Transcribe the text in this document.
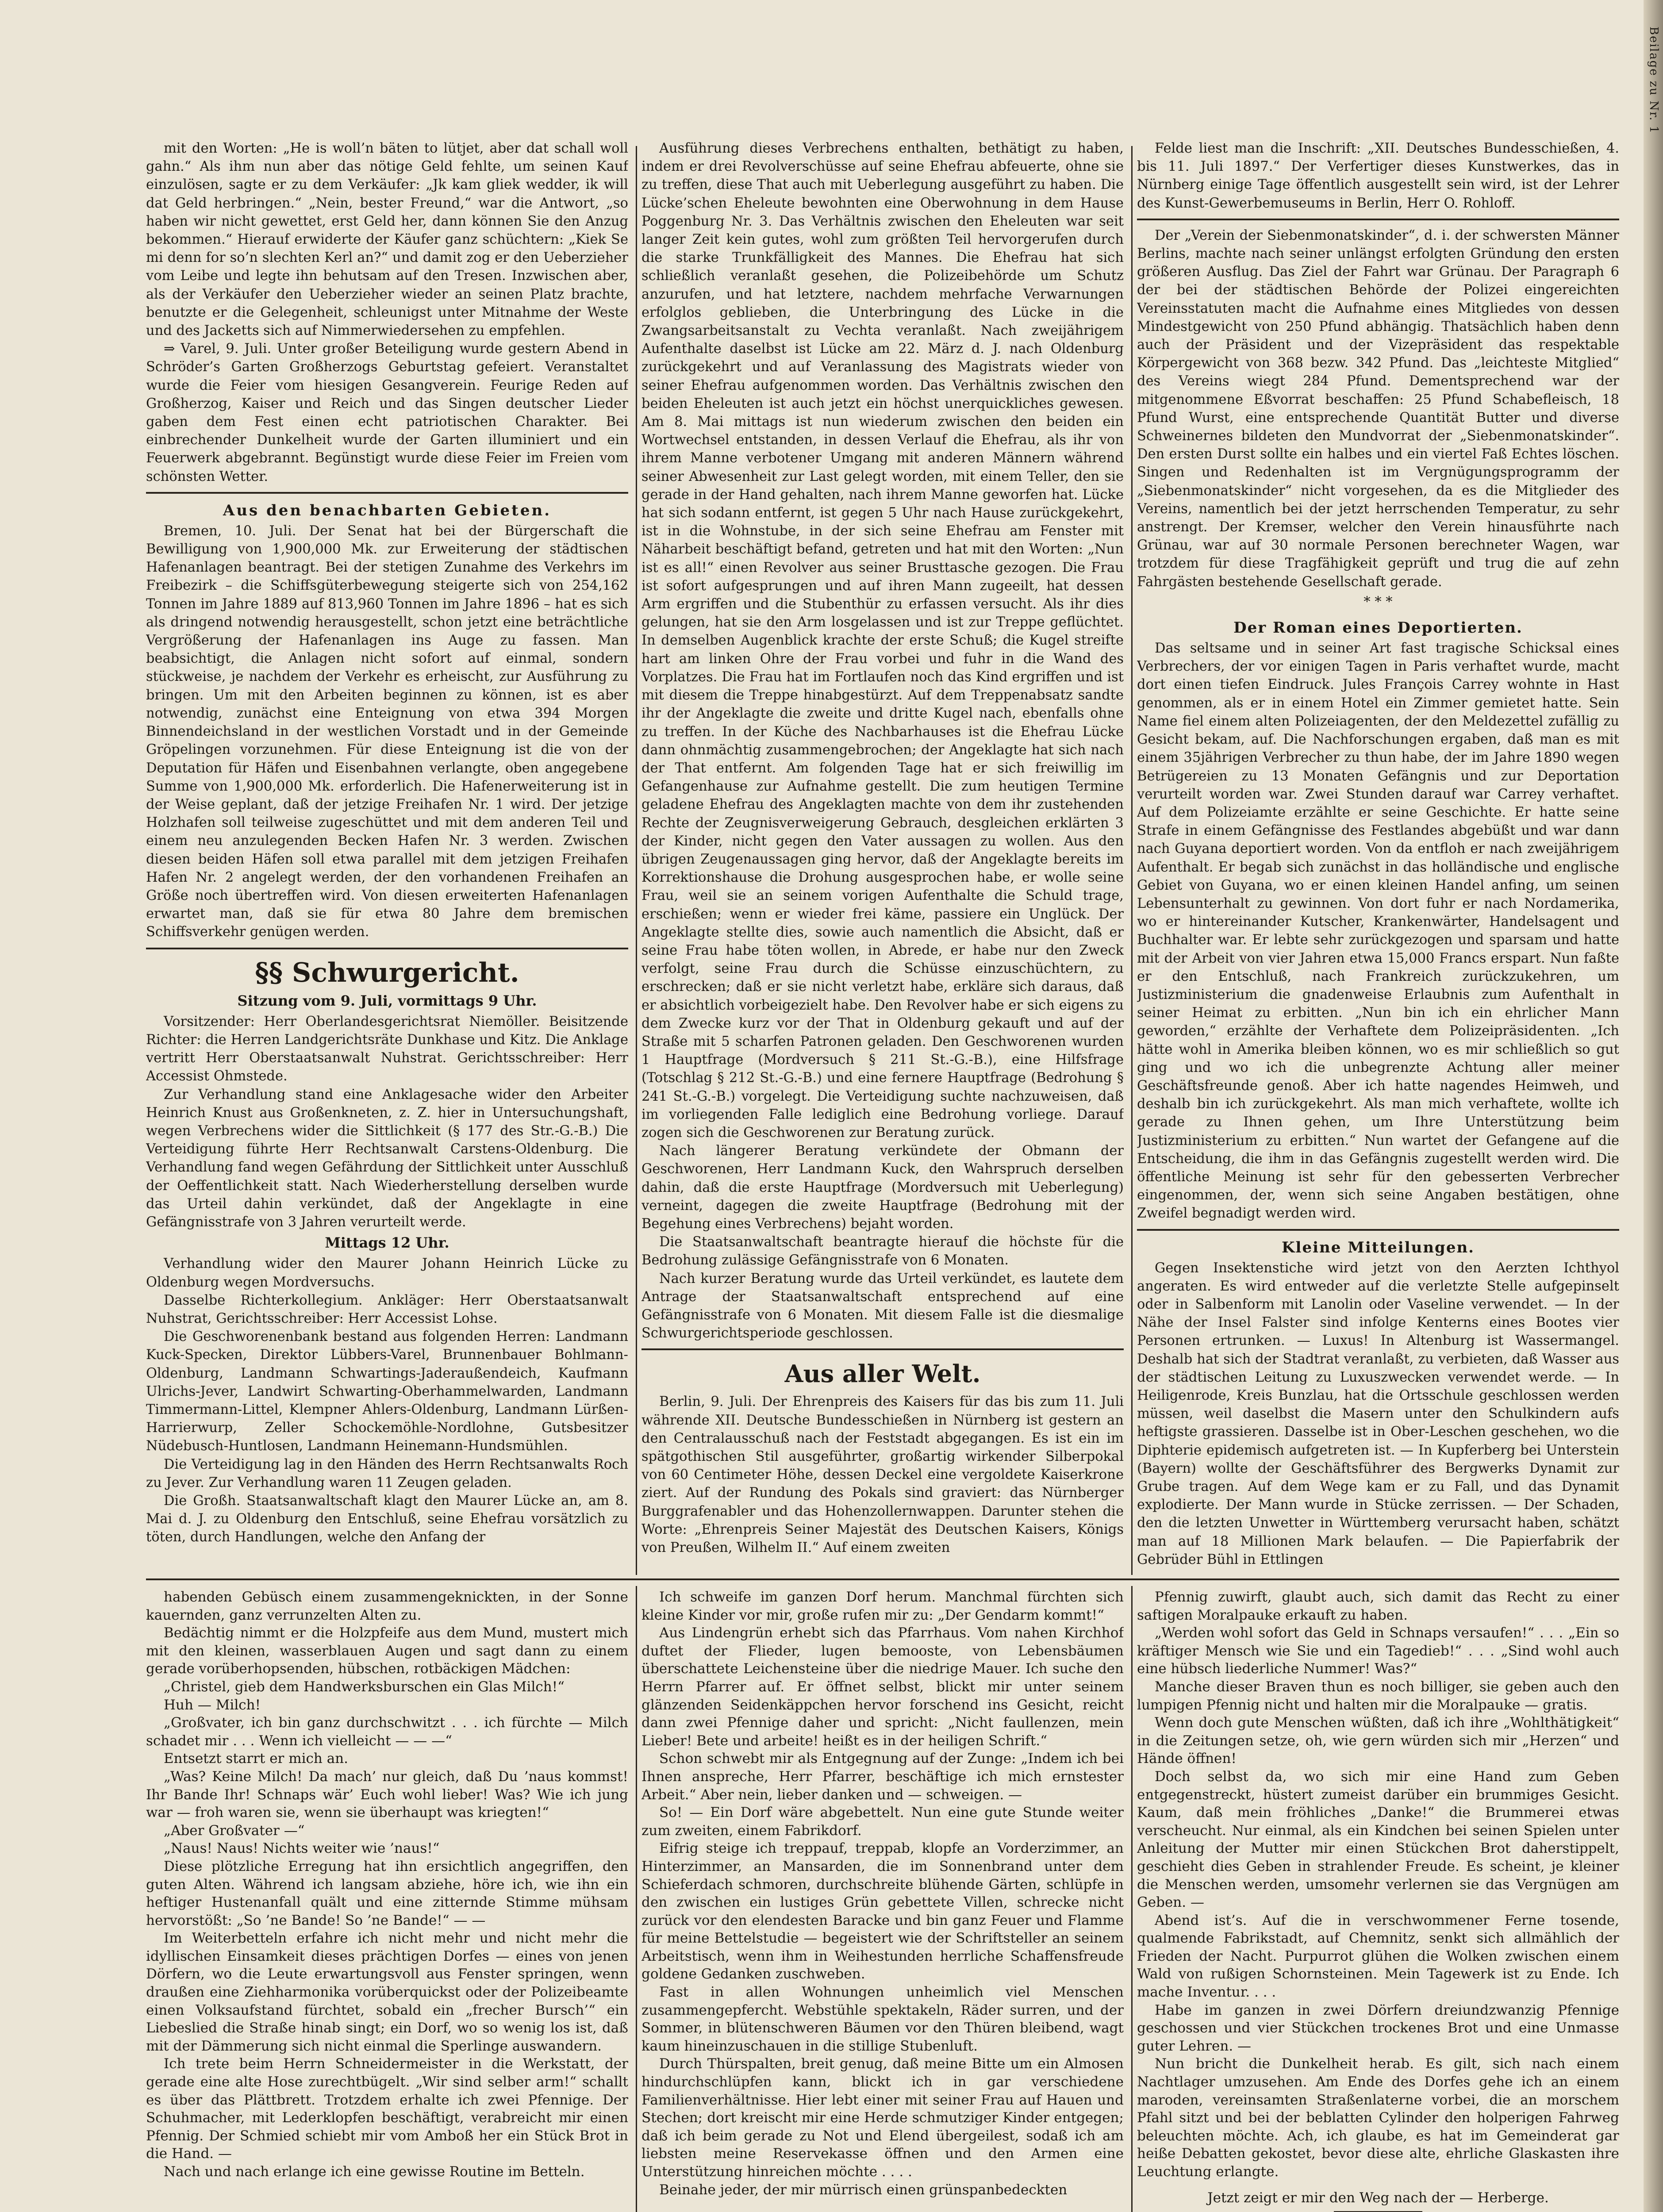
mit den Worten: „He is woll’n bäten to lütjet, aber dat schall woll gahn.“ Als ihm nun aber das nötige Geld fehlte, um seinen Kauf einzulösen, sagte er zu dem Verkäufer: „Jk kam gliek wedder, ik will dat Geld herbringen.“ „Nein, bester Freund,“ war die Antwort, „so haben wir nicht gewettet, erst Geld her, dann können Sie den Anzug bekommen.“ Hierauf erwiderte der Käufer ganz schüchtern: „Kiek Se mi denn for so’n slechten Kerl an?“ und damit zog er den Ueberzieher vom Leibe und legte ihn behutsam auf den Tresen. Inzwischen aber, als der Verkäufer den Ueberzieher wieder an seinen Platz brachte, benutzte er die Gelegenheit, schleunigst unter Mitnahme der Weste und des Jacketts sich auf Nimmerwiedersehen zu empfehlen.

⇒ Varel, 9. Juli. Unter großer Beteiligung wurde gestern Abend in Schröder’s Garten Großherzogs Geburtstag gefeiert. Veranstaltet wurde die Feier vom hiesigen Gesangverein. Feurige Reden auf Großherzog, Kaiser und Reich und das Singen deutscher Lieder gaben dem Fest einen echt patriotischen Charakter. Bei einbrechender Dunkelheit wurde der Garten illuminiert und ein Feuerwerk abgebrannt. Begünstigt wurde diese Feier im Freien vom schönsten Wetter.

Aus den benachbarten Gebieten.

Bremen, 10. Juli. Der Senat hat bei der Bürgerschaft die Bewilligung von 1,900,000 Mk. zur Erweiterung der städtischen Hafenanlagen beantragt. Bei der stetigen Zunahme des Verkehrs im Freibezirk – die Schiffsgüterbewegung steigerte sich von 254,162 Tonnen im Jahre 1889 auf 813,960 Tonnen im Jahre 1896 – hat es sich als dringend notwendig herausgestellt, schon jetzt eine beträchtliche Vergrößerung der Hafenanlagen ins Auge zu fassen. Man beabsichtigt, die Anlagen nicht sofort auf einmal, sondern stückweise, je nachdem der Verkehr es erheischt, zur Ausführung zu bringen. Um mit den Arbeiten beginnen zu können, ist es aber notwendig, zunächst eine Enteignung von etwa 394 Morgen Binnendeichsland in der westlichen Vorstadt und in der Gemeinde Gröpelingen vorzunehmen. Für diese Enteignung ist die von der Deputation für Häfen und Eisenbahnen verlangte, oben angegebene Summe von 1,900,000 Mk. erforderlich. Die Hafenerweiterung ist in der Weise geplant, daß der jetzige Freihafen Nr. 1 wird. Der jetzige Holzhafen soll teilweise zugeschüttet und mit dem anderen Teil und einem neu anzulegenden Becken Hafen Nr. 3 werden. Zwischen diesen beiden Häfen soll etwa parallel mit dem jetzigen Freihafen Hafen Nr. 2 angelegt werden, der den vorhandenen Freihafen an Größe noch übertreffen wird. Von diesen erweiterten Hafenanlagen erwartet man, daß sie für etwa 80 Jahre dem bremischen Schiffsverkehr genügen werden.

§§ Schwurgericht.
Sitzung vom 9. Juli, vormittags 9 Uhr.

Vorsitzender: Herr Oberlandesgerichtsrat Niemöller. Beisitzende Richter: die Herren Landgerichtsräte Dunkhase und Kitz. Die Anklage vertritt Herr Oberstaatsanwalt Nuhstrat. Gerichtsschreiber: Herr Accessist Ohmstede.

Zur Verhandlung stand eine Anklagesache wider den Arbeiter Heinrich Knust aus Großenkneten, z. Z. hier in Untersuchungshaft, wegen Verbrechens wider die Sittlichkeit (§ 177 des Str.-G.-B.) Die Verteidigung führte Herr Rechtsanwalt Carstens-Oldenburg. Die Verhandlung fand wegen Gefährdung der Sittlichkeit unter Ausschluß der Oeffentlichkeit statt. Nach Wiederherstellung derselben wurde das Urteil dahin verkündet, daß der Angeklagte in eine Gefängnisstrafe von 3 Jahren verurteilt werde.

Mittags 12 Uhr.

Verhandlung wider den Maurer Johann Heinrich Lücke zu Oldenburg wegen Mordversuchs.

Dasselbe Richterkollegium. Ankläger: Herr Oberstaatsanwalt Nuhstrat, Gerichtsschreiber: Herr Accessist Lohse.

Die Geschworenenbank bestand aus folgenden Herren: Landmann Kuck-Specken, Direktor Lübbers-Varel, Brunnenbauer Bohlmann-Oldenburg, Landmann Schwartings-Jaderaußendeich, Kaufmann Ulrichs-Jever, Landwirt Schwarting-Oberhammelwarden, Landmann Timmermann-Littel, Klempner Ahlers-Oldenburg, Landmann Lürßen-Harrierwurp, Zeller Schockemöhle-Nordlohne, Gutsbesitzer Nüdebusch-Huntlosen, Landmann Heinemann-Hundsmühlen.

Die Verteidigung lag in den Händen des Herrn Rechtsanwalts Roch zu Jever. Zur Verhandlung waren 11 Zeugen geladen.

Die Großh. Staatsanwaltschaft klagt den Maurer Lücke an, am 8. Mai d. J. zu Oldenburg den Entschluß, seine Ehefrau vorsätzlich zu töten, durch Handlungen, welche den Anfang der

Ausführung dieses Verbrechens enthalten, bethätigt zu haben, indem er drei Revolverschüsse auf seine Ehefrau abfeuerte, ohne sie zu treffen, diese That auch mit Ueberlegung ausgeführt zu haben. Die Lücke’schen Eheleute bewohnten eine Oberwohnung in dem Hause Poggenburg Nr. 3. Das Verhältnis zwischen den Eheleuten war seit langer Zeit kein gutes, wohl zum größten Teil hervorgerufen durch die starke Trunkfälligkeit des Mannes. Die Ehefrau hat sich schließlich veranlaßt gesehen, die Polizeibehörde um Schutz anzurufen, und hat letztere, nachdem mehrfache Verwarnungen erfolglos geblieben, die Unterbringung des Lücke in die Zwangsarbeitsanstalt zu Vechta veranlaßt. Nach zweijährigem Aufenthalte daselbst ist Lücke am 22. März d. J. nach Oldenburg zurückgekehrt und auf Veranlassung des Magistrats wieder von seiner Ehefrau aufgenommen worden. Das Verhältnis zwischen den beiden Eheleuten ist auch jetzt ein höchst unerquickliches gewesen. Am 8. Mai mittags ist nun wiederum zwischen den beiden ein Wortwechsel entstanden, in dessen Verlauf die Ehefrau, als ihr von ihrem Manne verbotener Umgang mit anderen Männern während seiner Abwesenheit zur Last gelegt worden, mit einem Teller, den sie gerade in der Hand gehalten, nach ihrem Manne geworfen hat. Lücke hat sich sodann entfernt, ist gegen 5 Uhr nach Hause zurückgekehrt, ist in die Wohnstube, in der sich seine Ehefrau am Fenster mit Näharbeit beschäftigt befand, getreten und hat mit den Worten: „Nun ist es all!“ einen Revolver aus seiner Brusttasche gezogen. Die Frau ist sofort aufgesprungen und auf ihren Mann zugeeilt, hat dessen Arm ergriffen und die Stubenthür zu erfassen versucht. Als ihr dies gelungen, hat sie den Arm losgelassen und ist zur Treppe geflüchtet. In demselben Augenblick krachte der erste Schuß; die Kugel streifte hart am linken Ohre der Frau vorbei und fuhr in die Wand des Vorplatzes. Die Frau hat im Fortlaufen noch das Kind ergriffen und ist mit diesem die Treppe hinabgestürzt. Auf dem Treppenabsatz sandte ihr der Angeklagte die zweite und dritte Kugel nach, ebenfalls ohne zu treffen. In der Küche des Nachbarhauses ist die Ehefrau Lücke dann ohnmächtig zusammengebrochen; der Angeklagte hat sich nach der That entfernt. Am folgenden Tage hat er sich freiwillig im Gefangenhause zur Aufnahme gestellt. Die zum heutigen Termine geladene Ehefrau des Angeklagten machte von dem ihr zustehenden Rechte der Zeugnisverweigerung Gebrauch, desgleichen erklärten 3 der Kinder, nicht gegen den Vater aussagen zu wollen. Aus den übrigen Zeugenaussagen ging hervor, daß der Angeklagte bereits im Korrektionshause die Drohung ausgesprochen habe, er wolle seine Frau, weil sie an seinem vorigen Aufenthalte die Schuld trage, erschießen; wenn er wieder frei käme, passiere ein Unglück. Der Angeklagte stellte dies, sowie auch namentlich die Absicht, daß er seine Frau habe töten wollen, in Abrede, er habe nur den Zweck verfolgt, seine Frau durch die Schüsse einzuschüchtern, zu erschrecken; daß er sie nicht verletzt habe, erkläre sich daraus, daß er absichtlich vorbeigezielt habe. Den Revolver habe er sich eigens zu dem Zwecke kurz vor der That in Oldenburg gekauft und auf der Straße mit 5 scharfen Patronen geladen. Den Geschworenen wurden 1 Hauptfrage (Mordversuch § 211 St.-G.-B.), eine Hilfsfrage (Totschlag § 212 St.-G.-B.) und eine fernere Hauptfrage (Bedrohung § 241 St.-G.-B.) vorgelegt. Die Verteidigung suchte nachzuweisen, daß im vorliegenden Falle lediglich eine Bedrohung vorliege. Darauf zogen sich die Geschworenen zur Beratung zurück.

Nach längerer Beratung verkündete der Obmann der Geschworenen, Herr Landmann Kuck, den Wahrspruch derselben dahin, daß die erste Hauptfrage (Mordversuch mit Ueberlegung) verneint, dagegen die zweite Hauptfrage (Bedrohung mit der Begehung eines Verbrechens) bejaht worden.

Die Staatsanwaltschaft beantragte hierauf die höchste für die Bedrohung zulässige Gefängnisstrafe von 6 Monaten.

Nach kurzer Beratung wurde das Urteil verkündet, es lautete dem Antrage der Staatsanwaltschaft entsprechend auf eine Gefängnisstrafe von 6 Monaten. Mit diesem Falle ist die diesmalige Schwurgerichtsperiode geschlossen.

Aus aller Welt.

Berlin, 9. Juli. Der Ehrenpreis des Kaisers für das bis zum 11. Juli währende XII. Deutsche Bundesschießen in Nürnberg ist gestern an den Centralausschuß nach der Feststadt abgegangen. Es ist ein im spätgothischen Stil ausgeführter, großartig wirkender Silberpokal von 60 Centimeter Höhe, dessen Deckel eine vergoldete Kaiserkrone ziert. Auf der Rundung des Pokals sind graviert: das Nürnberger Burggrafenabler und das Hohenzollernwappen. Darunter stehen die Worte: „Ehrenpreis Seiner Majestät des Deutschen Kaisers, Königs von Preußen, Wilhelm II.“ Auf einem zweiten

Felde liest man die Inschrift: „XII. Deutsches Bundesschießen, 4. bis 11. Juli 1897.“ Der Verfertiger dieses Kunstwerkes, das in Nürnberg einige Tage öffentlich ausgestellt sein wird, ist der Lehrer des Kunst-Gewerbemuseums in Berlin, Herr O. Rohloff.

Der „Verein der Siebenmonatskinder“, d. i. der schwersten Männer Berlins, machte nach seiner unlängst erfolgten Gründung den ersten größeren Ausflug. Das Ziel der Fahrt war Grünau. Der Paragraph 6 der bei der städtischen Behörde der Polizei eingereichten Vereinsstatuten macht die Aufnahme eines Mitgliedes von dessen Mindestgewicht von 250 Pfund abhängig. Thatsächlich haben denn auch der Präsident und der Vizepräsident das respektable Körpergewicht von 368 bezw. 342 Pfund. Das „leichteste Mitglied“ des Vereins wiegt 284 Pfund. Dementsprechend war der mitgenommene Eßvorrat beschaffen: 25 Pfund Schabefleisch, 18 Pfund Wurst, eine entsprechende Quantität Butter und diverse Schweinernes bildeten den Mundvorrat der „Siebenmonatskinder“. Den ersten Durst sollte ein halbes und ein viertel Faß Echtes löschen. Singen und Redenhalten ist im Vergnügungsprogramm der „Siebenmonatskinder“ nicht vorgesehen, da es die Mitglieder des Vereins, namentlich bei der jetzt herrschenden Temperatur, zu sehr anstrengt. Der Kremser, welcher den Verein hinausführte nach Grünau, war auf 30 normale Personen berechneter Wagen, war trotzdem für diese Tragfähigkeit geprüft und trug die auf zehn Fahrgästen bestehende Gesellschaft gerade.

* * *
Der Roman eines Deportierten.

Das seltsame und in seiner Art fast tragische Schicksal eines Verbrechers, der vor einigen Tagen in Paris verhaftet wurde, macht dort einen tiefen Eindruck. Jules François Carrey wohnte in Hast genommen, als er in einem Hotel ein Zimmer gemietet hatte. Sein Name fiel einem alten Polizeiagenten, der den Meldezettel zufällig zu Gesicht bekam, auf. Die Nachforschungen ergaben, daß man es mit einem 35jährigen Verbrecher zu thun habe, der im Jahre 1890 wegen Betrügereien zu 13 Monaten Gefängnis und zur Deportation verurteilt worden war. Zwei Stunden darauf war Carrey verhaftet. Auf dem Polizeiamte erzählte er seine Geschichte. Er hatte seine Strafe in einem Gefängnisse des Festlandes abgebüßt und war dann nach Guyana deportiert worden. Von da entfloh er nach zweijährigem Aufenthalt. Er begab sich zunächst in das holländische und englische Gebiet von Guyana, wo er einen kleinen Handel anfing, um seinen Lebensunterhalt zu gewinnen. Von dort fuhr er nach Nordamerika, wo er hintereinander Kutscher, Krankenwärter, Handelsagent und Buchhalter war. Er lebte sehr zurückgezogen und sparsam und hatte mit der Arbeit von vier Jahren etwa 15,000 Francs erspart. Nun faßte er den Entschluß, nach Frankreich zurückzukehren, um Justizministerium die gnadenweise Erlaubnis zum Aufenthalt in seiner Heimat zu erbitten. „Nun bin ich ein ehrlicher Mann geworden,“ erzählte der Verhaftete dem Polizeipräsidenten. „Ich hätte wohl in Amerika bleiben können, wo es mir schließlich so gut ging und wo ich die unbegrenzte Achtung aller meiner Geschäftsfreunde genoß. Aber ich hatte nagendes Heimweh, und deshalb bin ich zurückgekehrt. Als man mich verhaftete, wollte ich gerade zu Ihnen gehen, um Ihre Unterstützung beim Justizministerium zu erbitten.“ Nun wartet der Gefangene auf die Entscheidung, die ihm in das Gefängnis zugestellt werden wird. Die öffentliche Meinung ist sehr für den gebesserten Verbrecher eingenommen, der, wenn sich seine Angaben bestätigen, ohne Zweifel begnadigt werden wird.

Kleine Mitteilungen.

Gegen Insektenstiche wird jetzt von den Aerzten Ichthyol angeraten. Es wird entweder auf die verletzte Stelle aufgepinselt oder in Salbenform mit Lanolin oder Vaseline verwendet. — In der Nähe der Insel Falster sind infolge Kenterns eines Bootes vier Personen ertrunken. — Luxus! In Altenburg ist Wassermangel. Deshalb hat sich der Stadtrat veranlaßt, zu verbieten, daß Wasser aus der städtischen Leitung zu Luxuszwecken verwendet werde. — In Heiligenrode, Kreis Bunzlau, hat die Ortsschule geschlossen werden müssen, weil daselbst die Masern unter den Schulkindern aufs heftigste grassieren. Dasselbe ist in Ober-Leschen geschehen, wo die Diphterie epidemisch aufgetreten ist. — In Kupferberg bei Unterstein (Bayern) wollte der Geschäftsführer des Bergwerks Dynamit zur Grube tragen. Auf dem Wege kam er zu Fall, und das Dynamit explodierte. Der Mann wurde in Stücke zerrissen. — Der Schaden, den die letzten Unwetter in Württemberg verursacht haben, schätzt man auf 18 Millionen Mark belaufen. — Die Papierfabrik der Gebrüder Bühl in Ettlingen

habenden Gebüsch einem zusammengeknickten, in der Sonne kauernden, ganz verrunzelten Alten zu.

Bedächtig nimmt er die Holzpfeife aus dem Mund, mustert mich mit den kleinen, wasserblauen Augen und sagt dann zu einem gerade vorüberhopsenden, hübschen, rotbäckigen Mädchen:

„Christel, gieb dem Handwerksburschen ein Glas Milch!“

Huh — Milch!

„Großvater, ich bin ganz durchschwitzt . . . ich fürchte — Milch schadet mir . . . Wenn ich vielleicht — — —“

Entsetzt starrt er mich an.

„Was? Keine Milch! Da mach’ nur gleich, daß Du ’naus kommst! Ihr Bande Ihr! Schnaps wär’ Euch wohl lieber! Was? Wie ich jung war — froh waren sie, wenn sie überhaupt was kriegten!“

„Aber Großvater —“

„Naus! Naus! Nichts weiter wie ’naus!“

Diese plötzliche Erregung hat ihn ersichtlich angegriffen, den guten Alten. Während ich langsam abziehe, höre ich, wie ihn ein heftiger Hustenanfall quält und eine zitternde Stimme mühsam hervorstößt: „So ’ne Bande! So ’ne Bande!“ — —

Im Weiterbetteln erfahre ich nicht mehr und nicht mehr die idyllischen Einsamkeit dieses prächtigen Dorfes — eines von jenen Dörfern, wo die Leute erwartungsvoll aus Fenster springen, wenn draußen eine Ziehharmonika vorüberquickst oder der Polizeibeamte einen Volksaufstand fürchtet, sobald ein „frecher Bursch’“ ein Liebeslied die Straße hinab singt; ein Dorf, wo so wenig los ist, daß mit der Dämmerung sich nicht einmal die Sperlinge auswandern.

Ich trete beim Herrn Schneidermeister in die Werkstatt, der gerade eine alte Hose zurechtbügelt. „Wir sind selber arm!“ schallt es über das Plättbrett. Trotzdem erhalte ich zwei Pfennige. Der Schuhmacher, mit Lederklopfen beschäftigt, verabreicht mir einen Pfennig. Der Schmied schiebt mir vom Amboß her ein Stück Brot in die Hand. —

Nach und nach erlange ich eine gewisse Routine im Betteln.

Ich schweife im ganzen Dorf herum. Manchmal fürchten sich kleine Kinder vor mir, große rufen mir zu: „Der Gendarm kommt!“

Aus Lindengrün erhebt sich das Pfarrhaus. Vom nahen Kirchhof duftet der Flieder, lugen bemooste, von Lebensbäumen überschattete Leichensteine über die niedrige Mauer. Ich suche den Herrn Pfarrer auf. Er öffnet selbst, blickt mir unter seinem glänzenden Seidenkäppchen hervor forschend ins Gesicht, reicht dann zwei Pfennige daher und spricht: „Nicht faullenzen, mein Lieber! Bete und arbeite! heißt es in der heiligen Schrift.“

Schon schwebt mir als Entgegnung auf der Zunge: „Indem ich bei Ihnen anspreche, Herr Pfarrer, beschäftige ich mich ernstester Arbeit.“ Aber nein, lieber danken und — schweigen. —

So! — Ein Dorf wäre abgebettelt. Nun eine gute Stunde weiter zum zweiten, einem Fabrikdorf.

Eifrig steige ich treppauf, treppab, klopfe an Vorderzimmer, an Hinterzimmer, an Mansarden, die im Sonnenbrand unter dem Schieferdach schmoren, durchschreite blühende Gärten, schlüpfe in den zwischen ein lustiges Grün gebettete Villen, schrecke nicht zurück vor den elendesten Baracke und bin ganz Feuer und Flamme für meine Bettelstudie — begeistert wie der Schriftsteller an seinem Arbeitstisch, wenn ihm in Weihestunden herrliche Schaffensfreude goldene Gedanken zuschweben.

Fast in allen Wohnungen unheimlich viel Menschen zusammengepfercht. Webstühle spektakeln, Räder surren, und der Sommer, in blütenschweren Bäumen vor den Thüren bleibend, wagt kaum hineinzuschauen in die stillige Stubenluft.

Durch Thürspalten, breit genug, daß meine Bitte um ein Almosen hindurchschlüpfen kann, blickt ich in gar verschiedene Familienverhältnisse. Hier lebt einer mit seiner Frau auf Hauen und Stechen; dort kreischt mir eine Herde schmutziger Kinder entgegen; daß ich beim gerade zu Not und Elend übergeilest, sodaß ich am liebsten meine Reservekasse öffnen und den Armen eine Unterstützung hinreichen möchte . . . .

Beinahe jeder, der mir mürrisch einen grünspanbedeckten

Pfennig zuwirft, glaubt auch, sich damit das Recht zu einer saftigen Moralpauke erkauft zu haben.

„Werden wohl sofort das Geld in Schnaps versaufen!“ . . . „Ein so kräftiger Mensch wie Sie und ein Tagedieb!“ . . . „Sind wohl auch eine hübsch liederliche Nummer! Was?“

Manche dieser Braven thun es noch billiger, sie geben auch den lumpigen Pfennig nicht und halten mir die Moralpauke — gratis.

Wenn doch gute Menschen wüßten, daß ich ihre „Wohlthätigkeit“ in die Zeitungen setze, oh, wie gern würden sich mir „Herzen“ und Hände öffnen!

Doch selbst da, wo sich mir eine Hand zum Geben entgegenstreckt, hüstert zumeist darüber ein brummiges Gesicht. Kaum, daß mein fröhliches „Danke!“ die Brummerei etwas verscheucht. Nur einmal, als ein Kindchen bei seinen Spielen unter Anleitung der Mutter mir einen Stückchen Brot daherstippelt, geschieht dies Geben in strahlender Freude. Es scheint, je kleiner die Menschen werden, umsomehr verlernen sie das Vergnügen am Geben. —

Abend ist’s. Auf die in verschwommener Ferne tosende, qualmende Fabrikstadt, auf Chemnitz, senkt sich allmählich der Frieden der Nacht. Purpurrot glühen die Wolken zwischen einem Wald von rußigen Schornsteinen. Mein Tagewerk ist zu Ende. Ich mache Inventur. . . .

Habe im ganzen in zwei Dörfern dreiundzwanzig Pfennige geschossen und vier Stückchen trockenes Brot und eine Unmasse guter Lehren. —

Nun bricht die Dunkelheit herab. Es gilt, sich nach einem Nachtlager umzusehen. Am Ende des Dorfes gehe ich an einem maroden, vereinsamten Straßenlaterne vorbei, die an morschem Pfahl sitzt und bei der beblatten Cylinder den holperigen Fahrweg beleuchten möchte. Ach, ich glaube, es hat im Gemeinderat gar heiße Debatten gekostet, bevor diese alte, ehrliche Glaskasten ihre Leuchtung erlangte.

Jetzt zeigt er mir den Weg nach der — Herberge.
Beilage zu Nr. 1
